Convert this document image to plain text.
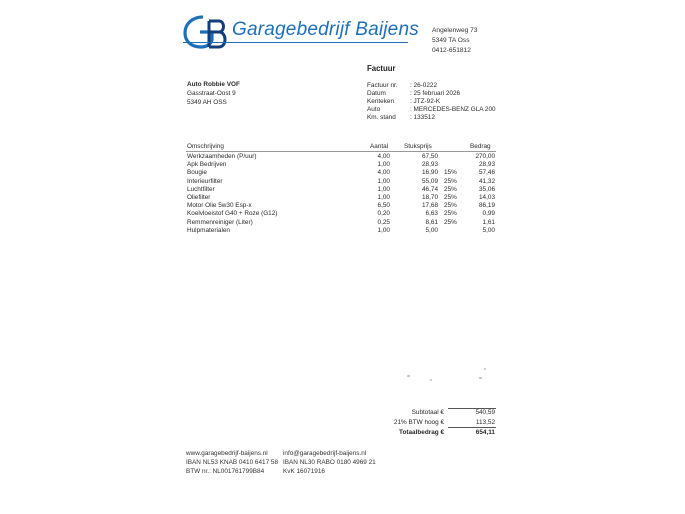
Garagebedrijf Baijens Angelenweg 73
5349 TA Oss
0412-651812
Factuur
Auto Robbie VOF
Gasstraat-Oost 9
5349 AH OSS
Factuur nr. : 26-0222
Datum	: 25 februari 2026
Kenteken : JTZ-92-K
Auto	: MERCEDES-BENZ GLA 200
Km. stand : 133512
Omschrijving	Aantal Stuksprijs	Bedrag
Werkzaamheden (P/uur)	4,00	67,50	270,00
Apk Bedrijven	1,00	28,93	28,93
Bougie	4,00	16,90 15%	57,46
Interieurfilter	1,00	55,09 25%	41,32
Luchtfilter	1,00	46,74 25%	35,06
Oliefilter	1,00	18,70 25%	14,03
Motor Olie 5w30 Esp-x	6,50	17,68 25%	86,19
Koelvloeistof G40 + Roze (G12)	0,20	6,63 25%	0,99
Remmenreiniger (Liter)	0,25	8,61 25%	1,61
Hulpmaterialen	1,00	5,00	5,00
Subtotaal €	540,59
21% BTW hoog €	113,52
Totaalbedrag €	654,11
www.garagebedrijf-baijens.nl
IBAN NL53 KNAB 0410 6417 58
BTW nr.: NL001761799B84
info@garagebedrijf-baijens.nl
IBAN NL30 RABO 0180 4969 21
KvK 16071916
